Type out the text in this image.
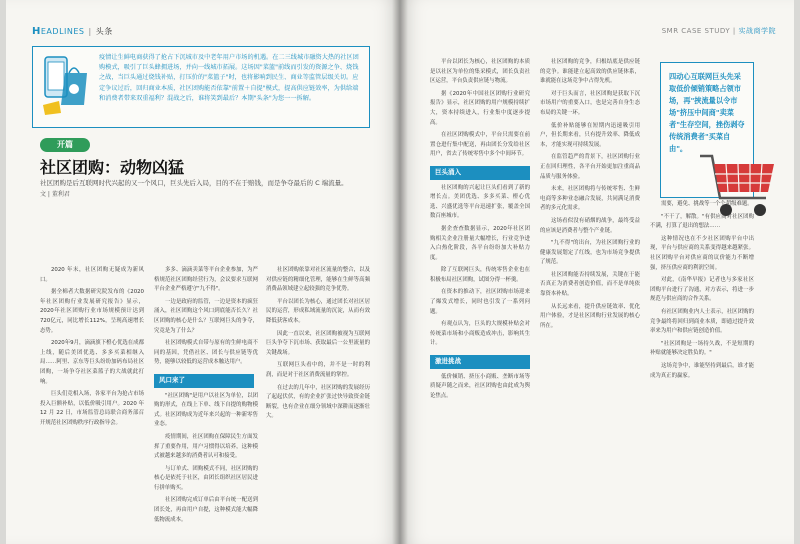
HEADLINES | 头条
疫情让生鲜电商获得了抢占下沉城市及中老年用户市场的机遇。在二三线城市融资大热的社区团购模式，吸引了巨头蜂拥进场，并向一线城市拓展。这场因"菜篮"前线而引发的资源之争、烧钱之战，当巨头通过烧钱补贴，打压价的"菜篮子"时，也将影响到民生、商业等监管层级关切。应定争议过后，回归商业本质，社区团购能否依靠"前置＋自提"模式，提高供应链效率，为供给端和消费者带来双重福利？混战之后，谁将笑到最后？本期"头条"为您一一拆解。
开篇
社区团购：动物凶猛
社区团购是后互联网时代兴起的又一个风口，巨头先后入局，目的不在于赔钱，而是争夺最后的 C 端流量。
文 | 董利君

2020 年末，社区团购无疑成为新风口。

据全棉者大数据研究院发布的《2020年社区团购行业发展研究报告》显示，2020年社区团购行业市场规模预计达到720亿元，同比增长112%，呈现高速增长态势。

2020年9月，滴滴旗下橙心优选在成都上线，随后美团优选、多多买菜相继入局……阿里、京东等巨头纷纷加码布局社区团购，一场争夺社区菜篮子的大战就此打响。

巨头们竞相入场，各家平台为抢占市场投入巨额补贴，以低价吸引用户。2020 年 12 月 22 日，市场监管总局联合商务部召开规范社区团购秩序行政指导会。

多多、滴滴卖菜等平台企业参加，为严格规范社区团购经营行为，会议要求互联网平台企业严格遵守"九不得"。

一边是政府的监管，一边是资本的疯狂涌入，社区团购这个风口到底能否长久？社区团购的核心是什么？互联网巨头的争夺，究竟是为了什么？

社区团购模式自带与原有的生鲜电商不同的基因，凭借社区、团长与供应链等优势，能够以较低的运营成本触达用户。

风口来了

"社区团购"是用户以社区为单位，以团购的形式，在线上下单、线下自提的购物模式。社区团购成为近年来兴起的一种新零售业态。

疫情期间，社区团购在保障民生方面发挥了重要作用，用户习惯得以培养，这种模式被越来越多的消费者认可和接受。

与订单式、团购模式不同，社区团购的核心是依托于社区，由团长组织社区居民进行拼单购买。

社区团购完成订单后由平台统一配送到团长处，再由用户自提，这种模式能大幅降低物流成本。

社区团购依靠对社区流量的整合，以及对供应链的精细化管理，能够在生鲜等高频消费品领域建立起较强的竞争优势。

平台以团长为核心，通过团长对社区居民的运营，形成私域流量的沉淀，从而有效降低获客成本。

因此一直以来，社区团购被视为互联网巨头争夺下沉市场、获取最后一公里流量的关键战场。

互联网巨头看中的，并不是一时的利润，而是对于社区消费流量的掌控。

在过去的几年中，社区团购的发展经历了起起伏伏，有的企业扩张过快导致资金链断裂，也有企业在细分领域中深耕而逐渐壮大。

SMR CASE STUDY | 实战商学院

平台以团长为核心，社区团购的本质是以社区为单位的集采模式，团长负责社区运营，平台负责供应链与物流。

据《2020年中国社区团购行业研究报告》显示，社区团购的用户规模持续扩大，资本持续进入，行业集中度逐步提高。

在社区团购模式中，平台只需要在前置仓进行集中配送，再由团长分发给社区用户，省去了传统零售中多个中间环节。

巨头涌入

社区团购的兴起让巨头们看到了新的增长点。美团优选、多多买菜、橙心优选、兴盛优选等平台迅速扩张，覆盖全国数百座城市。

据企查查数据显示，2020年社区团购相关企业注册量大幅增长，行业竞争进入白热化阶段，各平台纷纷加大补贴力度。

除了互联网巨头，传统零售企业也在积极布局社区团购，试图分得一杯羹。

在资本的推动下，社区团购市场迎来了爆发式增长，同时也引发了一系列问题。

有观点认为，巨头的大规模补贴会对传统菜市场和小商贩造成冲击，影响其生计。

激进挑战

低价倾销、挤压小商贩、垄断市场等质疑声随之而来，社区团购也由此成为舆论焦点。

社区团购的竞争，归根结底是供应链的竞争。谁能建立起高效的供应链体系，谁就能在这场竞争中占得先机。

对于巨头而言，社区团购是获取下沉市场用户的重要入口，也是完善自身生态布局的关键一环。

低价补贴能够在短期内迅速吸引用户，但长期来看，只有提升效率、降低成本，才能实现可持续发展。

在监管趋严的背景下，社区团购行业正在回归理性，各平台开始更加注重商品品质与服务体验。

未来，社区团购将与传统零售、生鲜电商等多种业态融合发展，共同满足消费者的多元化需求。

这场看似没有硝烟的战争，最终受益的应该是消费者与整个产业链。

"九不得"的出台，为社区团购行业的健康发展划定了红线，也为市场竞争提供了规范。

社区团购能否持续发展，关键在于能否真正为消费者创造价值，而不是单纯依靠资本补贴。

从长远来看，提升供应链效率、优化用户体验，才是社区团购行业发展的核心所在。

四动心互联网巨头先采取低价倾销策略占领市场，再"挟流量以令市场"挤压中间商"卖菜者"生存空间，挫伤剥夺传统消费者"买菜自由"。

需要，避免、挑战等一个个超级难题。

"不干了，解散。"有供应商对社区团购不满，打算了退出的想法……

这种情况也在不少社区团购平台中出现，平台与供应商的关系变得越来越紧张。社区团购平台对供应商的议价能力不断增强，挤压供应商的利润空间。

对此，《南华早报》记者也与多家社区团购平台进行了沟通，对方表示，将进一步规范与供应商的合作关系。

有社区团购业内人士表示，社区团购的竞争最终将回归到商业本质，即通过提升效率来为用户和供应链创造价值。

"社区团购是一场持久战，不是短期的补贴就能够决定胜负的。"

这场竞争中，谁能坚持到最后，谁才能成为真正的赢家。
